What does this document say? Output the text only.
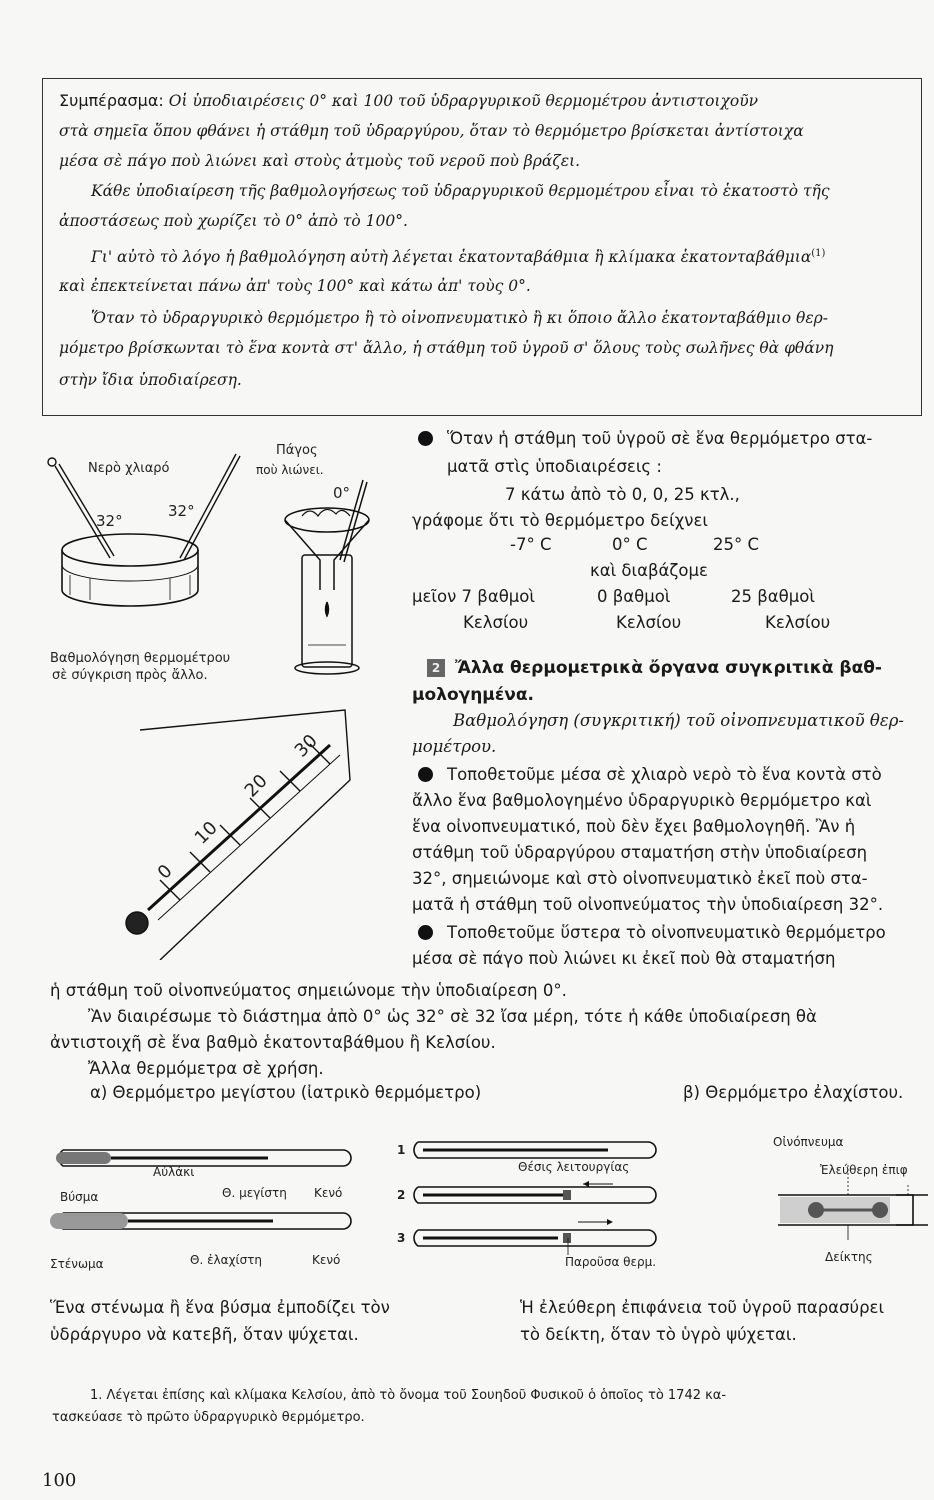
Συμπέρασμα: Οἱ ὑποδιαιρέσεις 0° καὶ 100 τοῦ ὑδραργυρικοῦ θερμομέτρου ἀντιστοιχοῦν
στὰ σημεῖα ὅπου φθάνει ἡ στάθμη τοῦ ὑδραργύρου, ὅταν τὸ θερμόμετρο βρίσκεται ἀντίστοιχα
μέσα σὲ πάγο ποὺ λιώνει καὶ στοὺς ἀτμοὺς τοῦ νεροῦ ποὺ βράζει.
Κάθε ὑποδιαίρεση τῆς βαθμολογήσεως τοῦ ὑδραργυρικοῦ θερμομέτρου εἶναι τὸ ἑκατοστὸ τῆς
ἀποστάσεως ποὺ χωρίζει τὸ 0° ἀπὸ τὸ 100°.
Γι' αὐτὸ τὸ λόγο ἡ βαθμολόγηση αὐτὴ λέγεται ἑκατονταβάθμια ἢ κλίμακα ἑκατονταβάθμια$^{(1)}$
καὶ ἐπεκτείνεται πάνω ἀπ' τοὺς 100° καὶ κάτω ἀπ' τοὺς 0°.
Ὅταν τὸ ὑδραργυρικὸ θερμόμετρο ἢ τὸ οἰνοπνευματικὸ ἢ κι ὅποιο ἄλλο ἑκατονταβάθμιο θερ-
μόμετρο βρίσκωνται τὸ ἕνα κοντὰ στ' ἄλλο, ἡ στάθμη τοῦ ὑγροῦ σ' ὅλους τοὺς σωλῆνες θὰ φθάνη
στὴν ἴδια ὑποδιαίρεση.
0
10
20
30
Νερὸ χλιαρό
Πάγος
ποὺ λιώνει.
32°
32°
0°
Βαθμολόγηση θερμομέτρου
σὲ σύγκριση πρὸς ἄλλο.
Ὅταν ἡ στάθμη τοῦ ὑγροῦ σὲ ἕνα θερμόμετρο στα-
ματᾶ στὶς ὑποδιαιρέσεις :
7 κάτω ἀπὸ τὸ 0, 0, 25 κτλ.,
γράφομε ὅτι τὸ θερμόμετρο δείχνει
-7° C	0° C	25° C
καὶ διαβάζομε
μεῖον 7 βαθμοὶ	0 βαθμοὶ	25 βαθμοὶ
Κελσίου	Κελσίου	Κελσίου
2 Ἄλλα θερμομετρικὰ ὄργανα συγκριτικὰ βαθ-
μολογημένα.
Βαθμολόγηση (συγκριτική) τοῦ οἰνοπνευματικοῦ θερ-
μομέτρου.
Τοποθετοῦμε μέσα σὲ χλιαρὸ νερὸ τὸ ἕνα κοντὰ στὸ
ἄλλο ἕνα βαθμολογημένο ὑδραργυρικὸ θερμόμετρο καὶ
ἕνα οἰνοπνευματικό, ποὺ δὲν ἔχει βαθμολογηθῆ. Ἂν ἡ
στάθμη τοῦ ὑδραργύρου σταματήση στὴν ὑποδιαίρεση
32°, σημειώνομε καὶ στὸ οἰνοπνευματικὸ ἐκεῖ ποὺ στα-
ματᾶ ἡ στάθμη τοῦ οἰνοπνεύματος τὴν ὑποδιαίρεση 32°.
Τοποθετοῦμε ὕστερα τὸ οἰνοπνευματικὸ θερμόμετρο
μέσα σὲ πάγο ποὺ λιώνει κι ἐκεῖ ποὺ θὰ σταματήση
ἡ στάθμη τοῦ οἰνοπνεύματος σημειώνομε τὴν ὑποδιαίρεση 0°.
Ἂν διαιρέσωμε τὸ διάστημα ἀπὸ 0° ὡς 32° σὲ 32 ἴσα μέρη, τότε ἡ κάθε ὑποδιαίρεση θὰ
ἀντιστοιχῆ σὲ ἕνα βαθμὸ ἑκατονταβάθμου ἢ Κελσίου.
Ἄλλα θερμόμετρα σὲ χρήση.
α) Θερμόμετρο μεγίστου (ἰατρικὸ θερμόμετρο)	β) Θερμόμετρο ἐλαχίστου.
Αὐλάκι
Βύσμα	Θ. μεγίστη Κενό
Στένωμα	Θ. ἐλαχίστη	Κενό
1
2
3
Θέσις λειτουργίας
Παροῦσα θερμ.
Οἰνόπνευμα
Ἐλεύθερη ἐπιφ
Δείκτης
Ἕνα στένωμα ἢ ἕνα βύσμα ἐμποδίζει τὸν
ὑδράργυρο νὰ κατεβῆ, ὅταν ψύχεται.
Ἡ ἐλεύθερη ἐπιφάνεια τοῦ ὑγροῦ παρασύρει
τὸ δείκτη, ὅταν τὸ ὑγρὸ ψύχεται.
1. Λέγεται ἐπίσης καὶ κλίμακα Κελσίου, ἀπὸ τὸ ὄνομα τοῦ Σουηδοῦ Φυσικοῦ ὁ ὁποῖος τὸ 1742 κα-
τασκεύασε τὸ πρῶτο ὑδραργυρικὸ θερμόμετρο.
100
